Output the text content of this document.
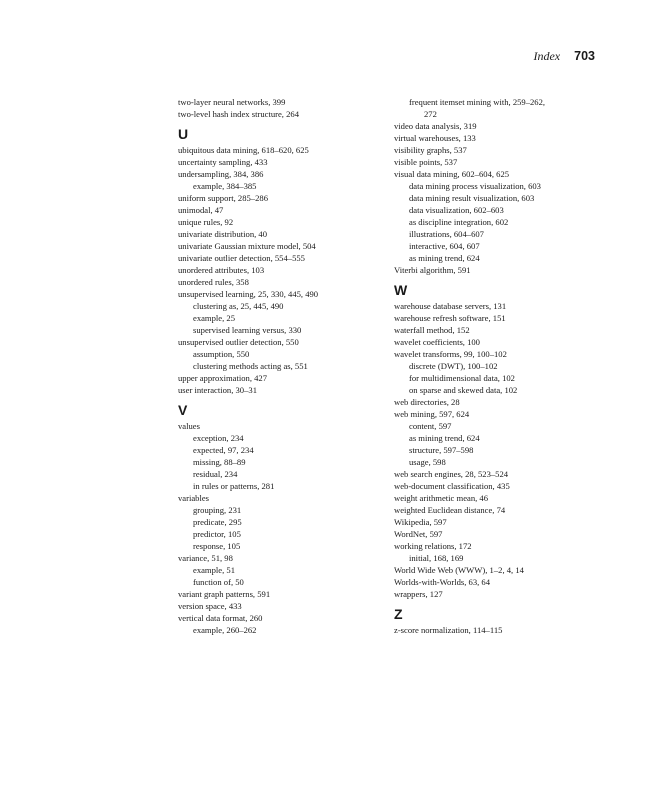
Index 703
two-layer neural networks, 399
two-level hash index structure, 264
U
ubiquitous data mining, 618–620, 625
uncertainty sampling, 433
undersampling, 384, 386
example, 384–385
uniform support, 285–286
unimodal, 47
unique rules, 92
univariate distribution, 40
univariate Gaussian mixture model, 504
univariate outlier detection, 554–555
unordered attributes, 103
unordered rules, 358
unsupervised learning, 25, 330, 445, 490
clustering as, 25, 445, 490
example, 25
supervised learning versus, 330
unsupervised outlier detection, 550
assumption, 550
clustering methods acting as, 551
upper approximation, 427
user interaction, 30–31
V
values
exception, 234
expected, 97, 234
missing, 88–89
residual, 234
in rules or patterns, 281
variables
grouping, 231
predicate, 295
predictor, 105
response, 105
variance, 51, 98
example, 51
function of, 50
variant graph patterns, 591
version space, 433
vertical data format, 260
example, 260–262
frequent itemset mining with, 259–262,
272
video data analysis, 319
virtual warehouses, 133
visibility graphs, 537
visible points, 537
visual data mining, 602–604, 625
data mining process visualization, 603
data mining result visualization, 603
data visualization, 602–603
as discipline integration, 602
illustrations, 604–607
interactive, 604, 607
as mining trend, 624
Viterbi algorithm, 591
W
warehouse database servers, 131
warehouse refresh software, 151
waterfall method, 152
wavelet coefficients, 100
wavelet transforms, 99, 100–102
discrete (DWT), 100–102
for multidimensional data, 102
on sparse and skewed data, 102
web directories, 28
web mining, 597, 624
content, 597
as mining trend, 624
structure, 597–598
usage, 598
web search engines, 28, 523–524
web-document classification, 435
weight arithmetic mean, 46
weighted Euclidean distance, 74
Wikipedia, 597
WordNet, 597
working relations, 172
initial, 168, 169
World Wide Web (WWW), 1–2, 4, 14
Worlds-with-Worlds, 63, 64
wrappers, 127
Z
z-score normalization, 114–115
